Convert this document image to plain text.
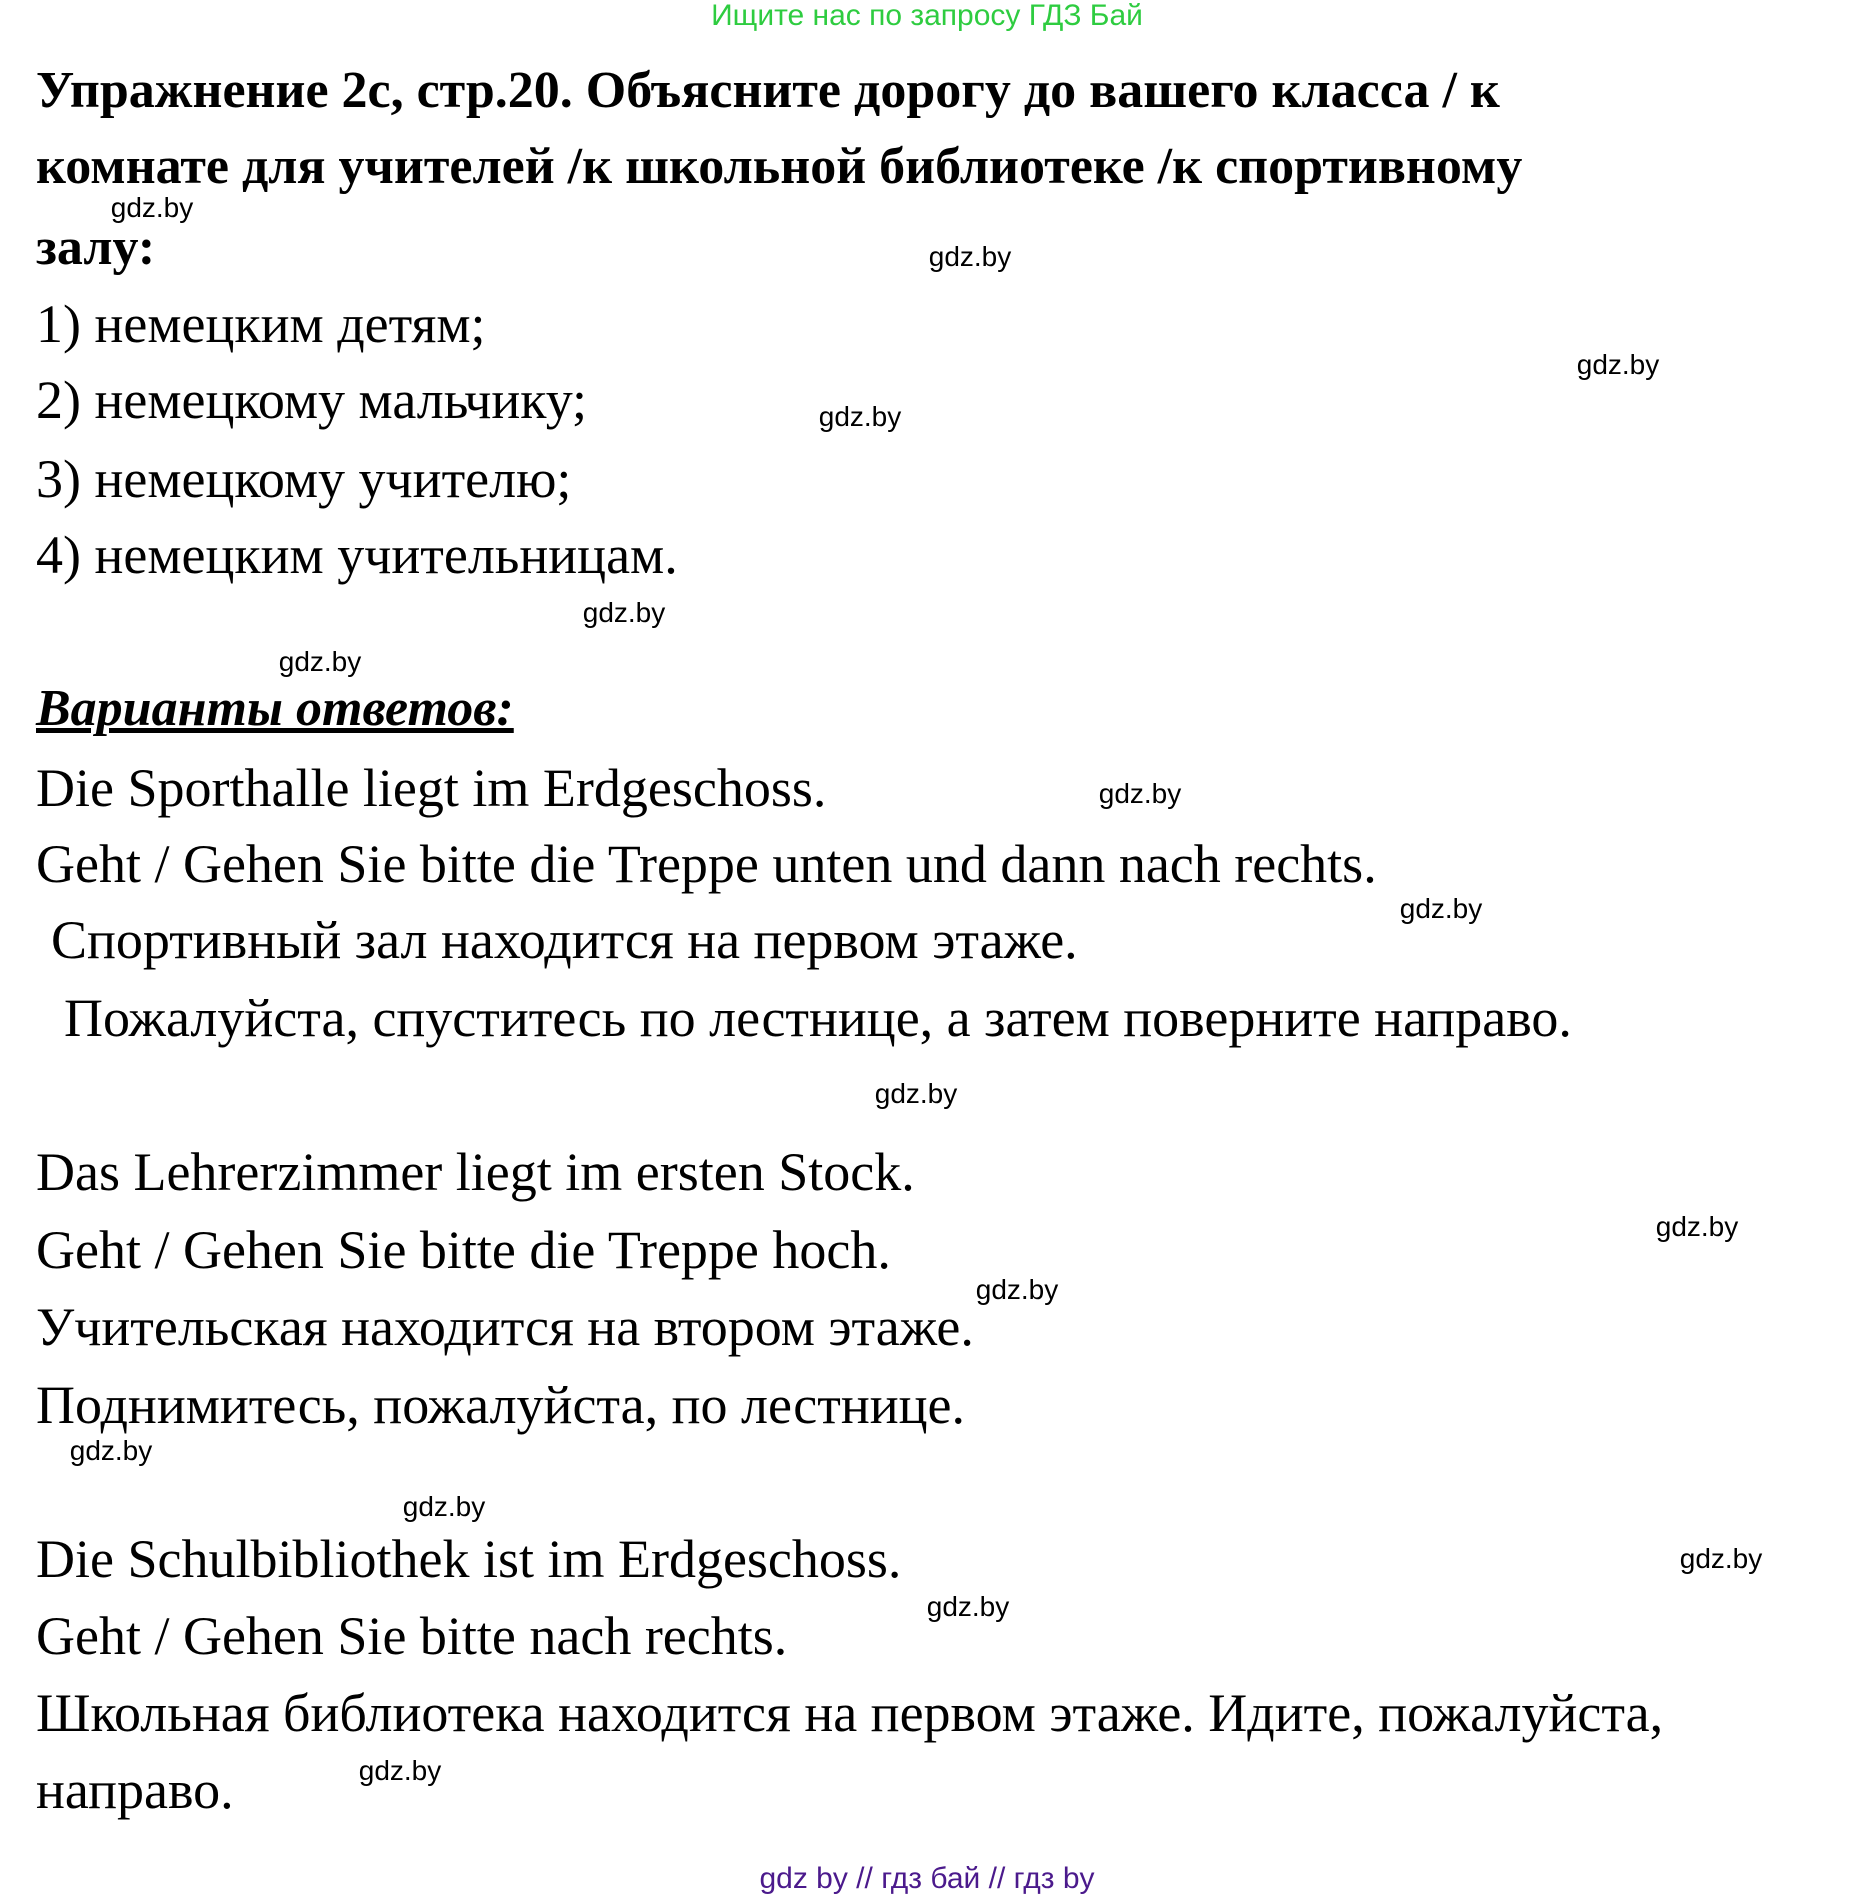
Ищите нас по запросу ГДЗ Бай
Упражнение 2c, стр.20. Объясните дорогу до вашего класса / к
комнате для учителей /к школьной библиотеке /к спортивному
залу:
1) немецким детям;
2) немецкому мальчику;
3) немецкому учителю;
4) немецким учительницам.
Варианты ответов:
Die Sporthalle liegt im Erdgeschoss.
Geht / Gehen Sie bitte die Treppe unten und dann nach rechts.
Спортивный зал находится на первом этаже.
Пожалуйста, спуститесь по лестнице, а затем поверните направо.
Das Lehrerzimmer liegt im ersten Stock.
Geht / Gehen Sie bitte die Treppe hoch.
Учительская находится на втором этаже.
Поднимитесь, пожалуйста, по лестнице.
Die Schulbibliothek ist im Erdgeschoss.
Geht / Gehen Sie bitte nach rechts.
Школьная библиотека находится на первом этаже. Идите, пожалуйста,
направо.
gdz.by
gdz.by
gdz.by
gdz.by
gdz.by
gdz.by
gdz.by
gdz.by
gdz.by
gdz.by
gdz.by
gdz.by
gdz.by
gdz.by
gdz.by
gdz.by
gdz by // гдз бай // гдз by
